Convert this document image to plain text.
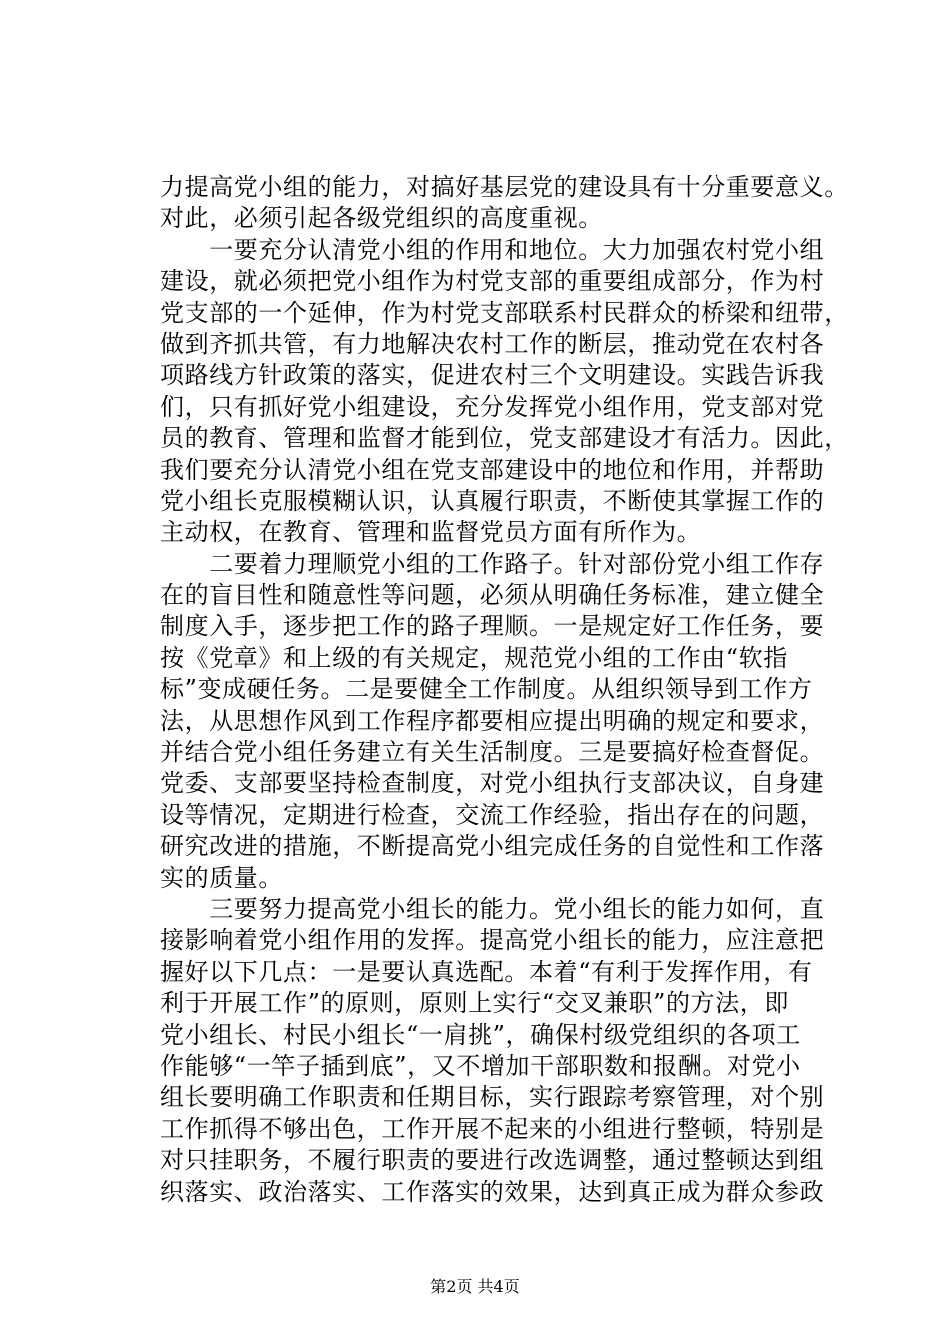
力提高党小组的能力，对搞好基层党的建设具有十分重要意义。
对此，必须引起各级党组织的高度重视。
　　一要充分认清党小组的作用和地位。大力加强农村党小组
建设，就必须把党小组作为村党支部的重要组成部分，作为村
党支部的一个延伸，作为村党支部联系村民群众的桥梁和纽带，
做到齐抓共管，有力地解决农村工作的断层，推动党在农村各
项路线方针政策的落实，促进农村三个文明建设。实践告诉我
们，只有抓好党小组建设，充分发挥党小组作用，党支部对党
员的教育、管理和监督才能到位，党支部建设才有活力。因此，
我们要充分认清党小组在党支部建设中的地位和作用，并帮助
党小组长克服模糊认识，认真履行职责，不断使其掌握工作的
主动权，在教育、管理和监督党员方面有所作为。
　　二要着力理顺党小组的工作路子。针对部份党小组工作存
在的盲目性和随意性等问题，必须从明确任务标准，建立健全
制度入手，逐步把工作的路子理顺。一是规定好工作任务，要
按《党章》和上级的有关规定，规范党小组的工作由“软指
标”变成硬任务。二是要健全工作制度。从组织领导到工作方
法，从思想作风到工作程序都要相应提出明确的规定和要求，
并结合党小组任务建立有关生活制度。三是要搞好检查督促。
党委、支部要坚持检查制度，对党小组执行支部决议，自身建
设等情况，定期进行检查，交流工作经验，指出存在的问题，
研究改进的措施，不断提高党小组完成任务的自觉性和工作落
实的质量。
　　三要努力提高党小组长的能力。党小组长的能力如何，直
接影响着党小组作用的发挥。提高党小组长的能力，应注意把
握好以下几点：一是要认真选配。本着“有利于发挥作用，有
利于开展工作”的原则，原则上实行“交叉兼职”的方法，即
党小组长、村民小组长“一肩挑”，确保村级党组织的各项工
作能够“一竿子插到底”，又不增加干部职数和报酬。对党小
组长要明确工作职责和任期目标，实行跟踪考察管理，对个别
工作抓得不够出色，工作开展不起来的小组进行整顿，特别是
对只挂职务，不履行职责的要进行改选调整，通过整顿达到组
织落实、政治落实、工作落实的效果，达到真正成为群众参政
第2页 共4页
